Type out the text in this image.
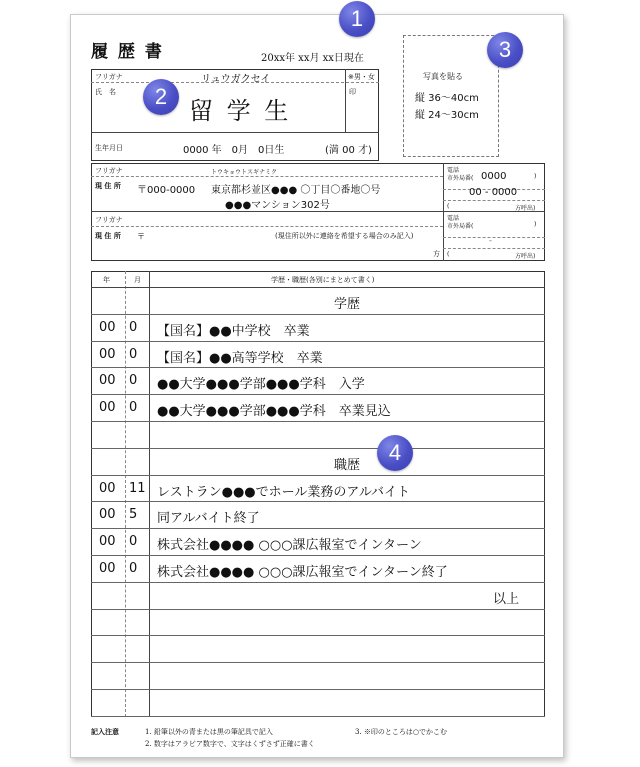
履 歴 書	20xx年 xx月 xx日現在
写真を貼る
縦 36〜40cm
縦 24〜30cm
フリガナ	リュウガクセイ	※男・女
氏　名
留 学 生
印
生年月日	0000 年　0月　0日生	(満 00 才)
フリガナ	トウキョウトスギナミク
現 住 所 〒000-0000 東京都杉並区●●● 〇丁目〇番地〇号
●●●マンション302号
電話
市外局番( 0000	)
00 - 0000
(	方呼出)
フリガナ
現 住 所 〒	(現住所以外に連絡を希望する場合のみ記入)
方
電話
市外局番(	)
-
(	方呼出)
年	月	学歴・職歴(各別にまとめて書く)
学歴
00 0 【国名】●●中学校　卒業
00 0 【国名】●●高等学校　卒業
00 0 ●●大学●●●学部●●●学科　入学
00 0 ●●大学●●●学部●●●学科　卒業見込
職歴
00 11 レストラン●●●でホール業務のアルバイト
00 5 同アルバイト終了
00 0 株式会社●●●● ○○○課広報室でインターン
00 0 株式会社●●●● ○○○課広報室でインターン終了
以上
記入注意	1. 鉛筆以外の青または黒の筆記具で記入
2. 数字はアラビア数字で、文字はくずさず正確に書く
3. ※印のところは○でかこむ
1
2
3
4
